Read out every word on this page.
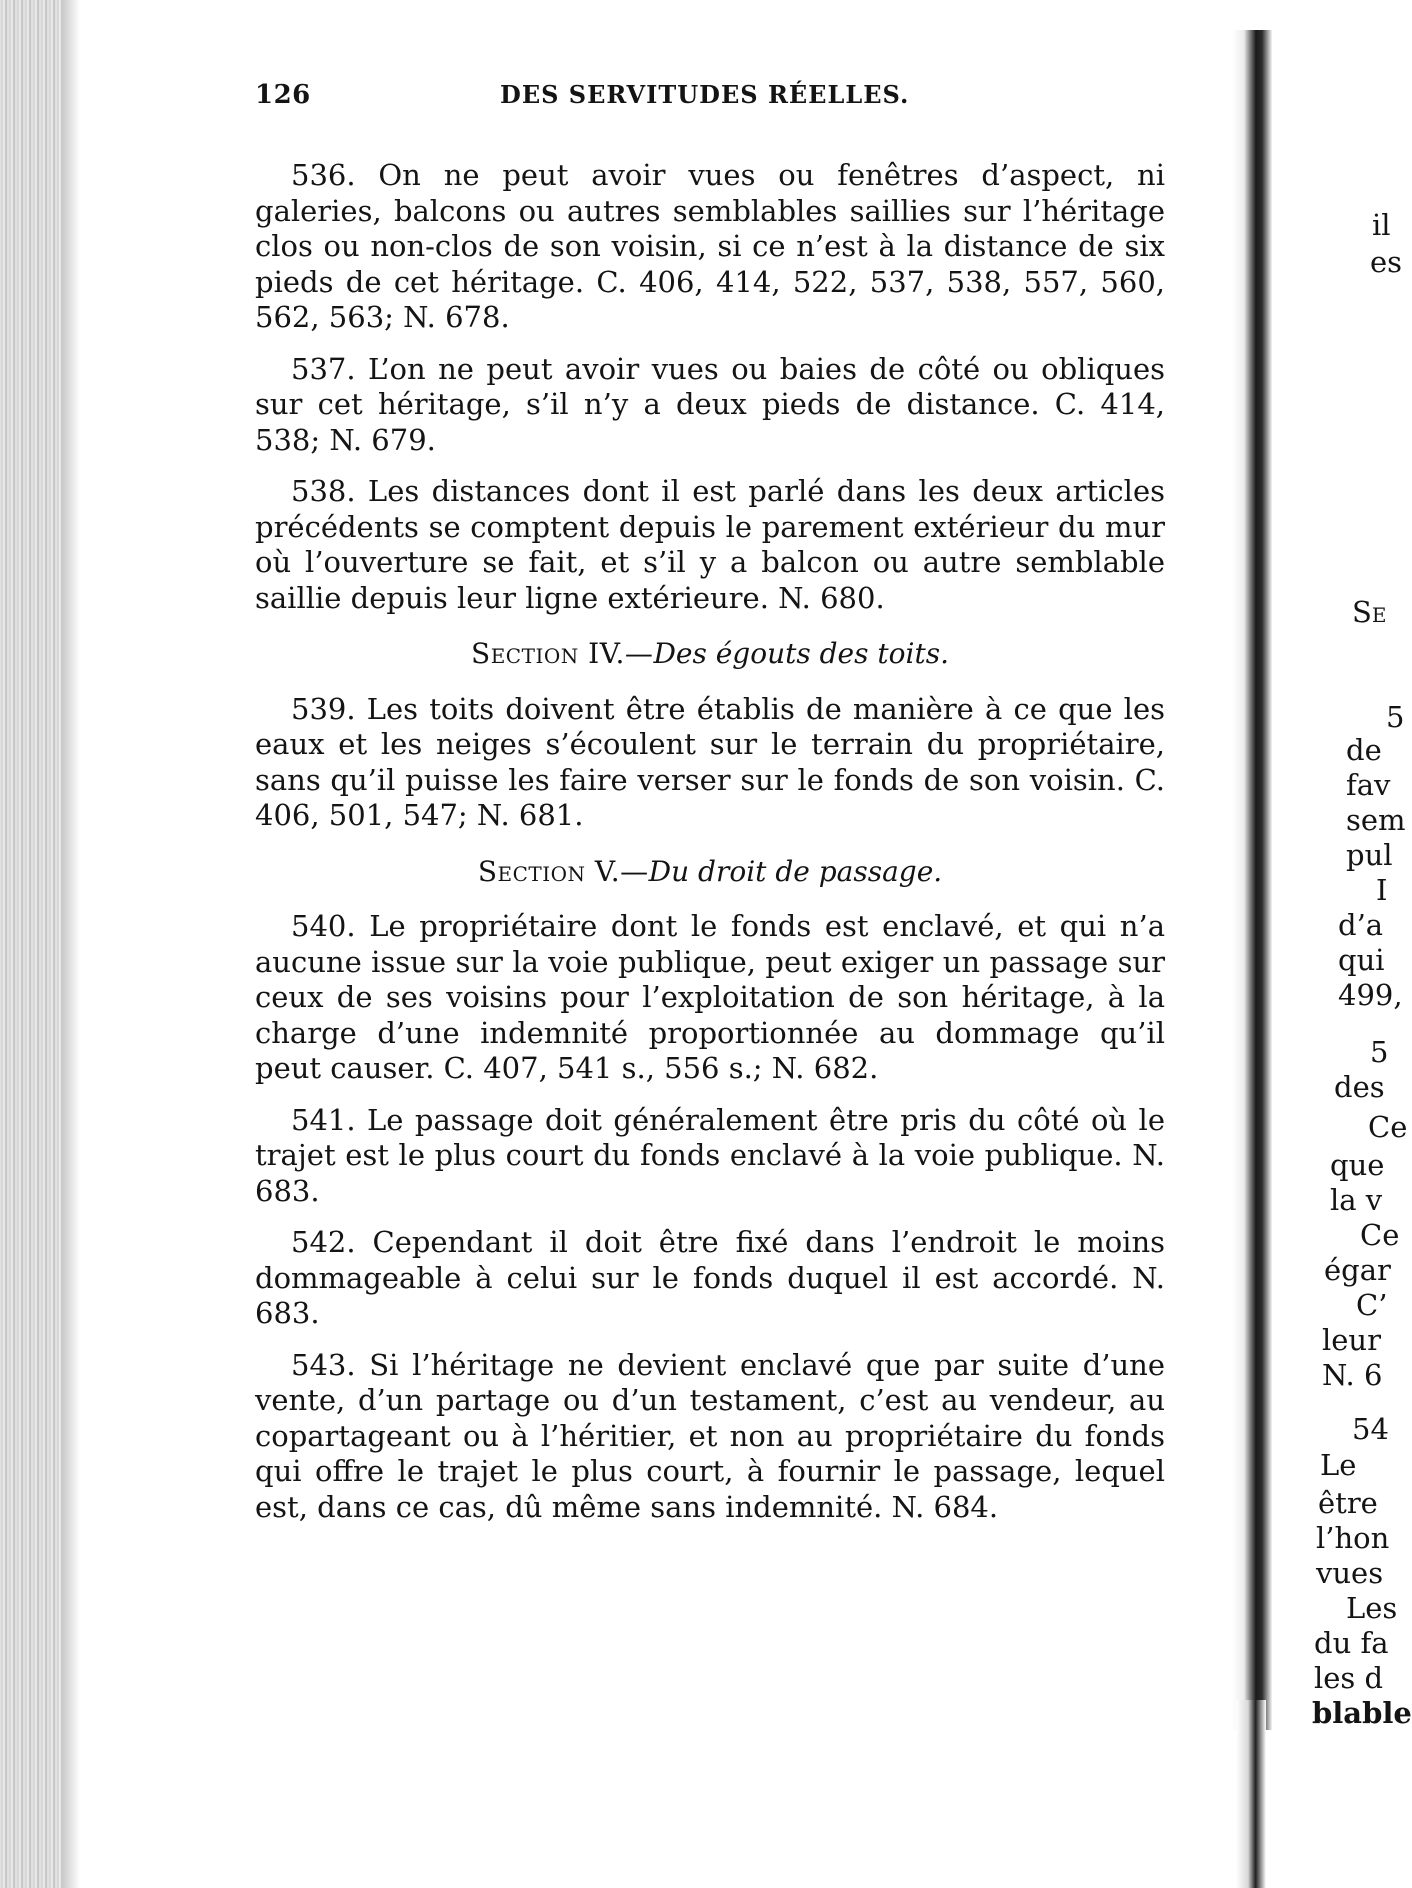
126	DES SERVITUDES RÉELLES.

536. On ne peut avoir vues ou fenêtres d’aspect, ni galeries, balcons ou autres semblables saillies sur l’héritage clos ou non-clos de son voisin, si ce n’est à la distance de six pieds de cet héritage. C. 406, 414, 522, 537, 538, 557, 560, 562, 563; N. 678.

537. L’on ne peut avoir vues ou baies de côté ou obliques sur cet héritage, s’il n’y a deux pieds de distance. C. 414, 538; N. 679.

538. Les distances dont il est parlé dans les deux articles précédents se comptent depuis le parement extérieur du mur où l’ouverture se fait, et s’il y a balcon ou autre semblable saillie depuis leur ligne extérieure. N. 680.

Section IV.—Des égouts des toits.

539. Les toits doivent être établis de manière à ce que les eaux et les neiges s’écoulent sur le terrain du propriétaire, sans qu’il puisse les faire verser sur le fonds de son voisin. C. 406, 501, 547; N. 681.

Section V.—Du droit de passage.

540. Le propriétaire dont le fonds est enclavé, et qui n’a aucune issue sur la voie publique, peut exiger un passage sur ceux de ses voisins pour l’exploitation de son héritage, à la charge d’une indemnité proportionnée au dommage qu’il peut causer. C. 407, 541 s., 556 s.; N. 682.

541. Le passage doit généralement être pris du côté où le trajet est le plus court du fonds enclavé à la voie publique. N. 683.

542. Cependant il doit être fixé dans l’endroit le moins dommageable à celui sur le fonds duquel il est accordé. N. 683.

543. Si l’héritage ne devient enclavé que par suite d’une vente, d’un partage ou d’un testament, c’est au vendeur, au copartageant ou à l’héritier, et non au propriétaire du fonds qui offre le trajet le plus court, à fournir le passage, lequel est, dans ce cas, dû même sans indemnité. N. 684.

il
es
Se
5
de
fav
sem
pul
I
d’a
qui
499,
5
des
Ce
que
la v
Ce
égar
C’
leur
N. 6
54
Le
être
l’hon
vues
Les
du fa
les d
blable
